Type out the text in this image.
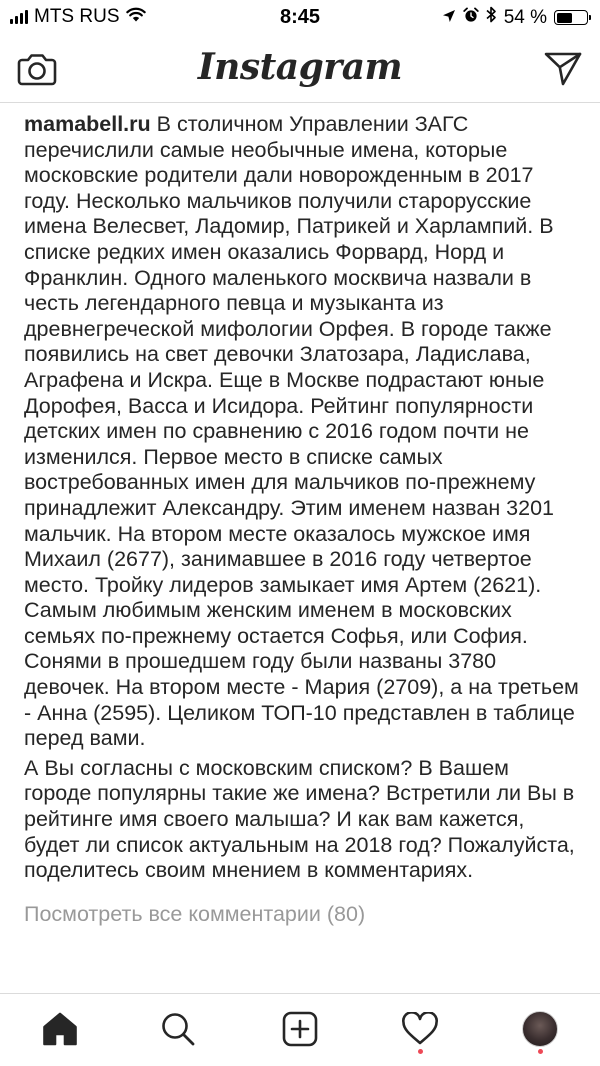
MTS RUS	8:45	54 %
Instagram

mamabell.ru В столичном Управлении ЗАГС перечислили самые необычные имена, которые московские родители дали новорожденным в 2017 году. Несколько мальчиков получили старорусские имена Велесвет, Ладомир, Патрикей и Харлампий. В списке редких имен оказались Форвард, Норд и Франклин. Одного маленького москвича назвали в честь легендарного певца и музыканта из древнегреческой мифологии Орфея. В городе также появились на свет девочки Златозара, Ладислава, Аграфена и Искра. Еще в Москве подрастают юные Дорофея, Васса и Исидора. Рейтинг популярности детских имен по сравнению с 2016 годом почти не изменился. Первое место в списке самых востребованных имен для мальчиков по-прежнему принадлежит Александру. Этим именем назван 3201 мальчик. На втором месте оказалось мужское имя Михаил (2677), занимавшее в 2016 году четвертое место. Тройку лидеров замыкает имя Артем (2621). Самым любимым женским именем в московских семьях по-прежнему остается Софья, или София. Сонями в прошедшем году были названы 3780 девочек. На втором месте - Мария (2709), а на третьем - Анна (2595). Целиком ТОП-10 представлен в таблице перед вами.

А Вы согласны с московским списком? В Вашем городе популярны такие же имена? Встретили ли Вы в рейтинге имя своего малыша? И как вам кажется, будет ли список актуальным на 2018 год? Пожалуйста, поделитесь своим мнением в комментариях.

Посмотреть все комментарии (80)
